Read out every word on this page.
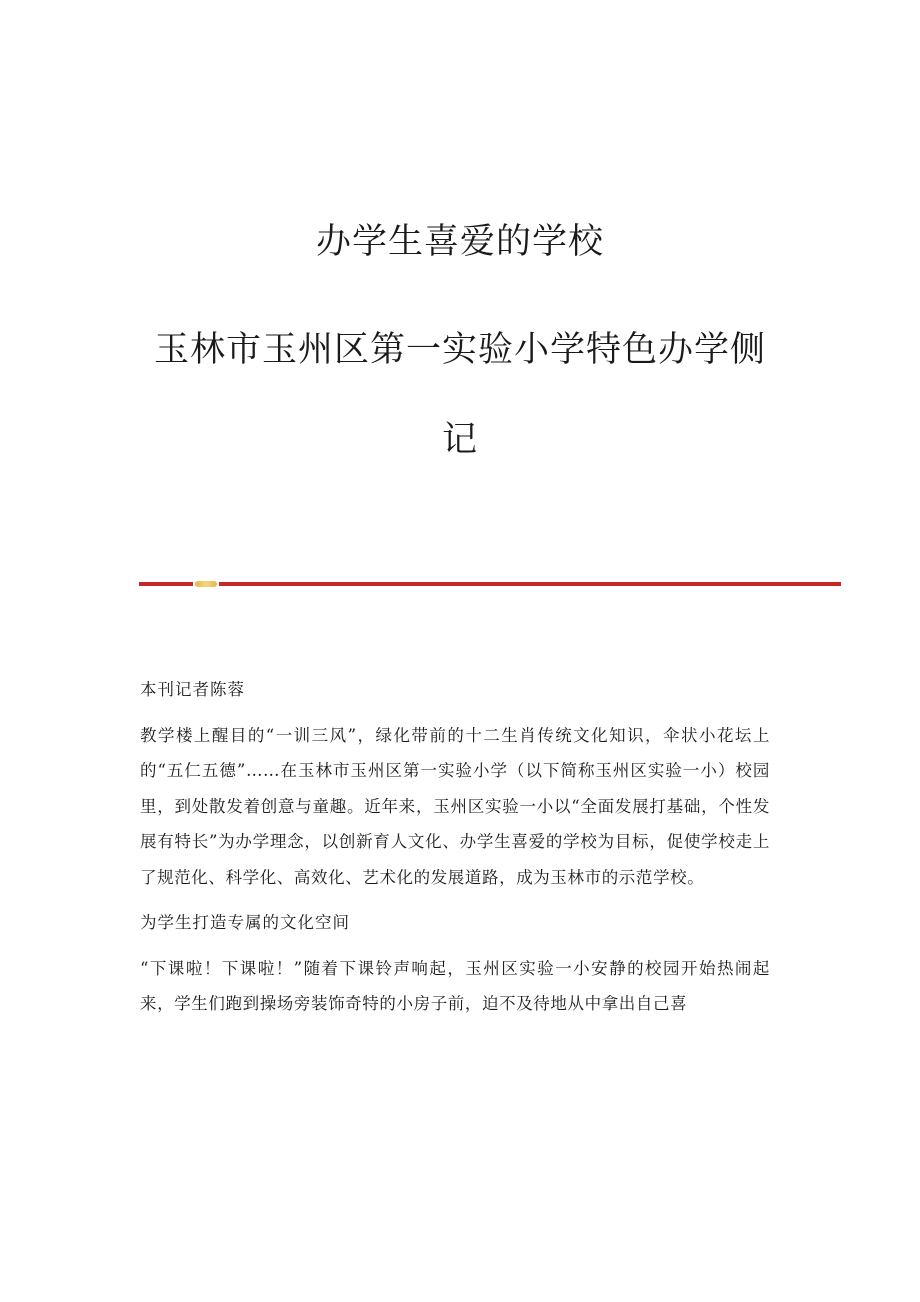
办学生喜爱的学校
玉林市玉州区第一实验小学特色办学侧
记

本刊记者陈蓉

教学楼上醒目的“一训三风”，绿化带前的十二生肖传统文化知识，伞状小花坛上的“五仁五德”……在玉林市玉州区第一实验小学（以下简称玉州区实验一小）校园里，到处散发着创意与童趣。近年来，玉州区实验一小以“全面发展打基础，个性发展有特长”为办学理念，以创新育人文化、办学生喜爱的学校为目标，促使学校走上了规范化、科学化、高效化、艺术化的发展道路，成为玉林市的示范学校。

为学生打造专属的文化空间

“下课啦！下课啦！”随着下课铃声响起，玉州区实验一小安静的校园开始热闹起来，学生们跑到操场旁装饰奇特的小房子前，迫不及待地从中拿出自己喜
